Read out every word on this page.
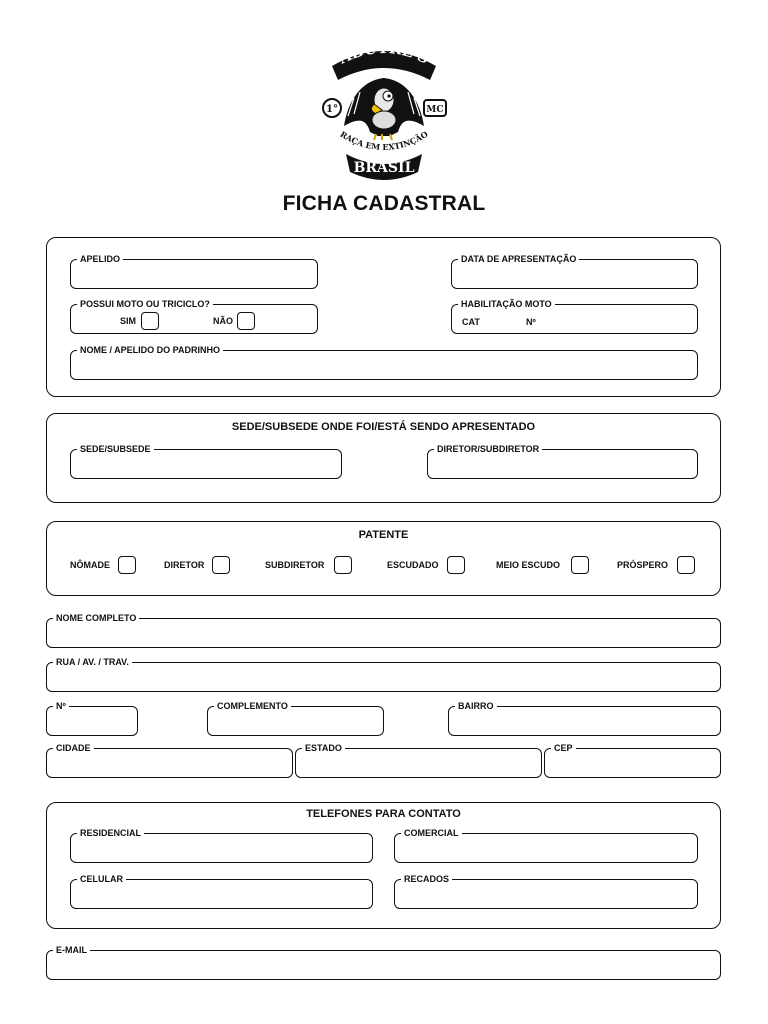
ABUTRE'S
1°	MC
RAÇA EM EXTINÇÃO
BRASIL
FICHA CADASTRAL
APELIDO	DATA DE APRESENTAÇÃO
POSSUI MOTO OU TRICICLO?
SIM	NÃO
HABILITAÇÃO MOTO
CAT	Nº
NOME / APELIDO DO PADRINHO
SEDE/SUBSEDE ONDE FOI/ESTÁ SENDO APRESENTADO
SEDE/SUBSEDE	DIRETOR/SUBDIRETOR
PATENTE
NÔMADE	DIRETOR	SUBDIRETOR	ESCUDADO	MEIO ESCUDO	PRÓSPERO
NOME COMPLETO
RUA / AV. / TRAV.
Nº	COMPLEMENTO	BAIRRO
CIDADE	ESTADO	CEP
TELEFONES PARA CONTATO
RESIDENCIAL	COMERCIAL
CELULAR	RECADOS
E-MAIL
